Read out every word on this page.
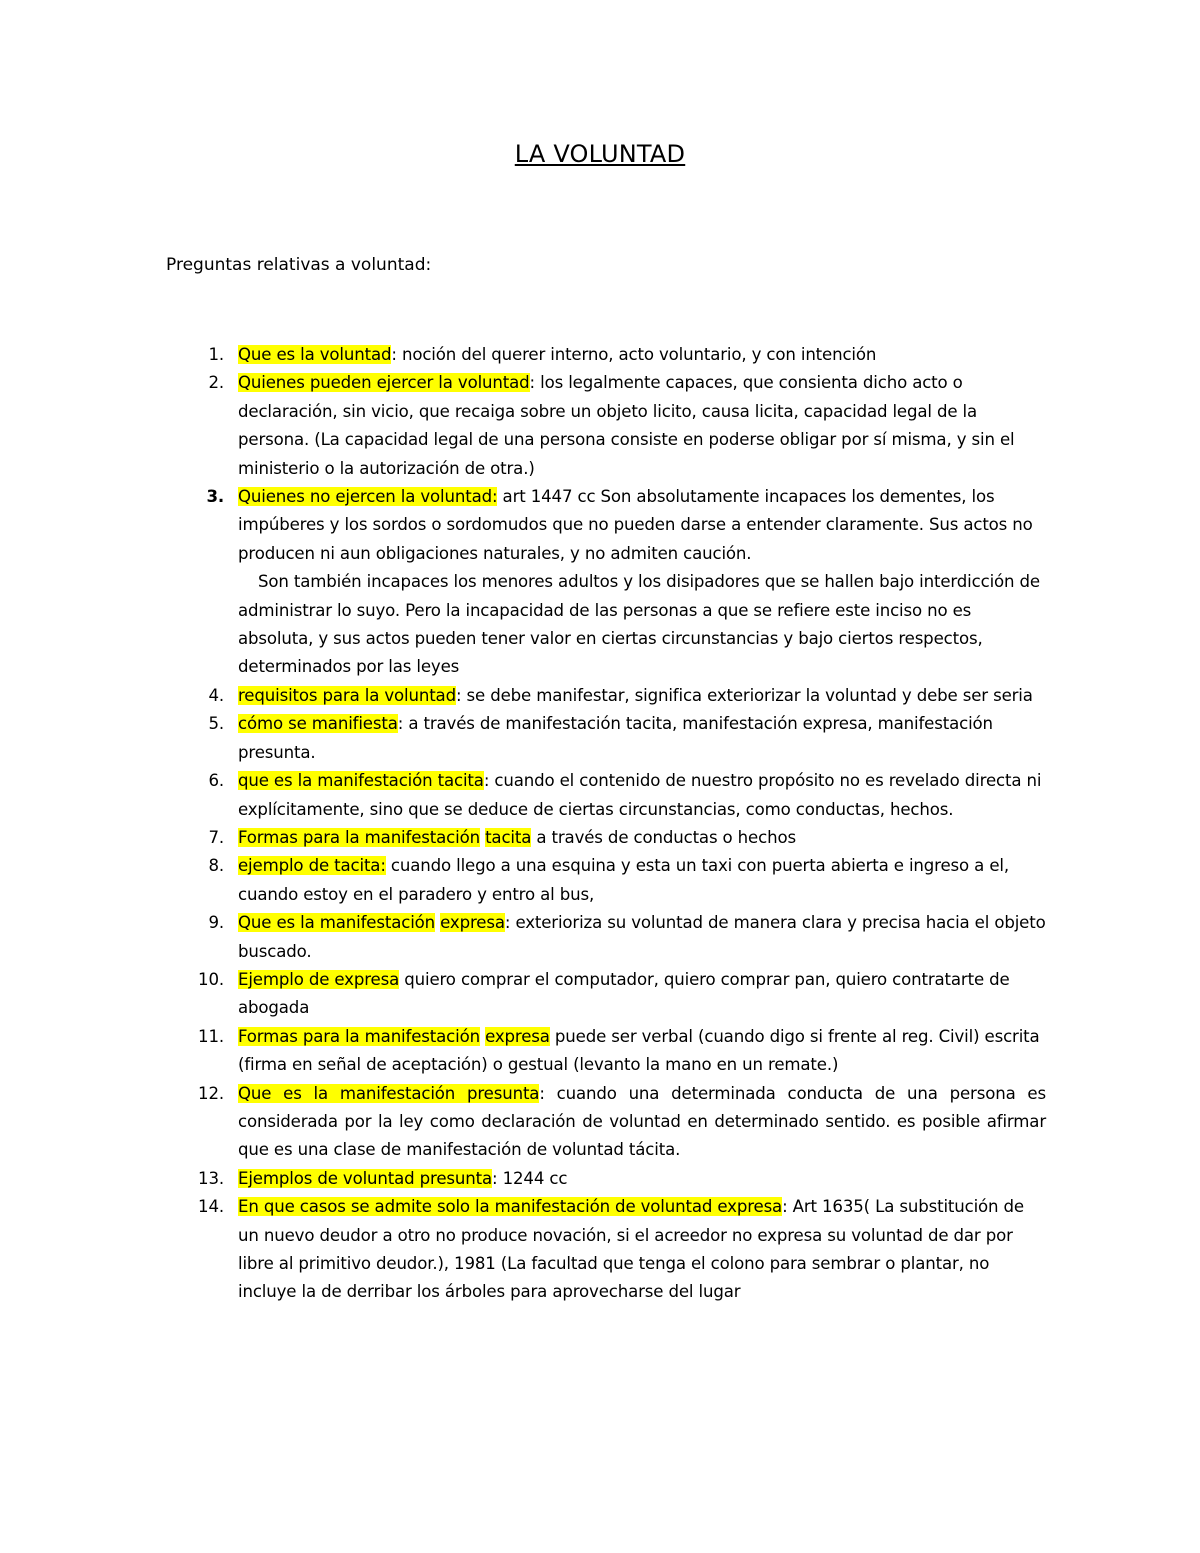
LA VOLUNTAD
Preguntas relativas a voluntad:
1. Que es la voluntad: noción del querer interno, acto voluntario, y con intención
2. Quienes pueden ejercer la voluntad: los legalmente capaces, que consienta dicho acto o declaración, sin vicio, que recaiga sobre un objeto licito, causa licita, capacidad legal de la persona. (La capacidad legal de una persona consiste en poderse obligar por sí misma, y sin el ministerio o la autorización de otra.)
3. Quienes no ejercen la voluntad: art 1447 cc Son absolutamente incapaces los dementes, los impúberes y los sordos o sordomudos que no pueden darse a entender claramente. Sus actos no producen ni aun obligaciones naturales, y no admiten caución.
Son también incapaces los menores adultos y los disipadores que se hallen bajo interdicción de administrar lo suyo. Pero la incapacidad de las personas a que se refiere este inciso no es absoluta, y sus actos pueden tener valor en ciertas circunstancias y bajo ciertos respectos, determinados por las leyes
4. requisitos para la voluntad: se debe manifestar, significa exteriorizar la voluntad y debe ser seria
5. cómo se manifiesta: a través de manifestación tacita, manifestación expresa, manifestación presunta.
6. que es la manifestación tacita: cuando el contenido de nuestro propósito no es revelado directa ni explícitamente, sino que se deduce de ciertas circunstancias, como conductas, hechos.
7. Formas para la manifestación tacita a través de conductas o hechos
8. ejemplo de tacita: cuando llego a una esquina y esta un taxi con puerta abierta e ingreso a el, cuando estoy en el paradero y entro al bus,
9. Que es la manifestación expresa: exterioriza su voluntad de manera clara y precisa hacia el objeto buscado.
10. Ejemplo de expresa quiero comprar el computador, quiero comprar pan, quiero contratarte de abogada
11. Formas para la manifestación expresa puede ser verbal (cuando digo si frente al reg. Civil) escrita (firma en señal de aceptación) o gestual (levanto la mano en un remate.)
12. Que es la manifestación presunta: cuando una determinada conducta de una persona es considerada por la ley como declaración de voluntad en determinado sentido. es posible afirmar que es una clase de manifestación de voluntad tácita.
13. Ejemplos de voluntad presunta: 1244 cc
14. En que casos se admite solo la manifestación de voluntad expresa: Art 1635( La substitución de un nuevo deudor a otro no produce novación, si el acreedor no expresa su voluntad de dar por libre al primitivo deudor.), 1981 (La facultad que tenga el colono para sembrar o plantar, no incluye la de derribar los árboles para aprovecharse del lugar
